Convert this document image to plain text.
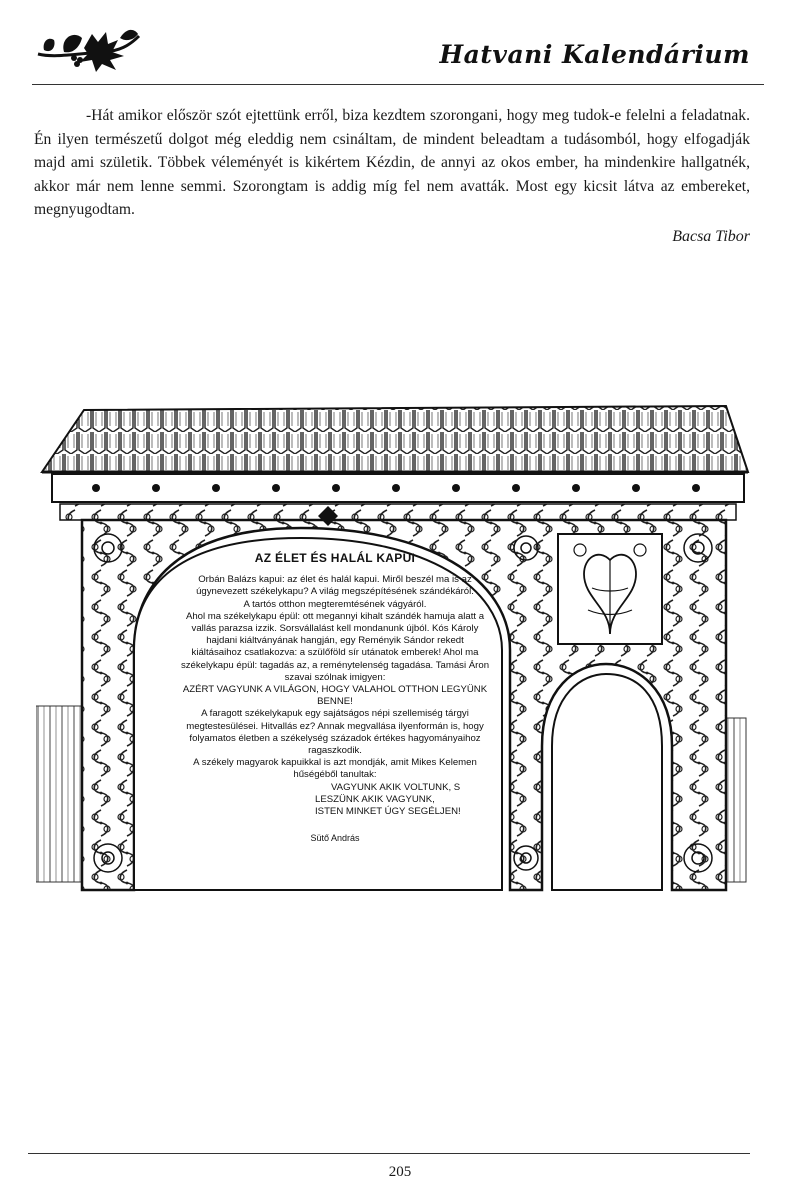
Hatvani Kalendárium
-Hát amikor először szót ejtettünk erről, biza kezdtem szorongani, hogy meg tudok-e felelni a feladatnak. Én ilyen természetű dolgot még eleddig nem csináltam, de mindent beleadtam a tudásomból, hogy elfogadják majd ami születik. Többek véleményét is kikértem Kézdin, de annyi az okos ember, ha mindenkire hallgatnék, akkor már nem lenne semmi. Szorongtam is addig míg fel nem avatták. Most egy kicsit látva az embereket, megnyugodtam.
Bacsa Tibor
AZ ÉLET ÉS HALÁL KAPUI
Orbán Balázs kapui: az élet és halál kapui. Miről beszél ma is az
úgynevezett székelykapu? A világ megszépítésének szándékáról.
A tartós otthon megteremtésének vágyáról.
Ahol ma székelykapu épül: ott megannyi kihalt szándék hamuja alatt a
vallás parazsa izzik. Sorsvállalást kell mondanunk újból. Kós Károly
hajdani kiáltványának hangján, egy Reményik Sándor rekedt
kiáltásaihoz csatlakozva: a szülőföld sír utánatok emberek! Ahol ma
székelykapu épül: tagadás az, a reménytelenség tagadása. Tamási Áron
szavai szólnak imigyen:
AZÉRT VAGYUNK A VILÁGON, HOGY VALAHOL OTTHON LEGYÜNK
BENNE!
A faragott székelykapuk egy sajátságos népi szellemiség tárgyi
megtestesülései. Hitvallás ez? Annak megvallása ilyenformán is, hogy
folyamatos életben a székelység századok értékes hagyományaihoz
ragaszkodik.
A székely magyarok kapuikkal is azt mondják, amit Mikes Kelemen
hűségéből tanultak:
VAGYUNK AKIK VOLTUNK, S
LESZÜNK AKIK VAGYUNK,
ISTEN MINKET ÚGY SEGÉLJEN!
Sütő András
205
